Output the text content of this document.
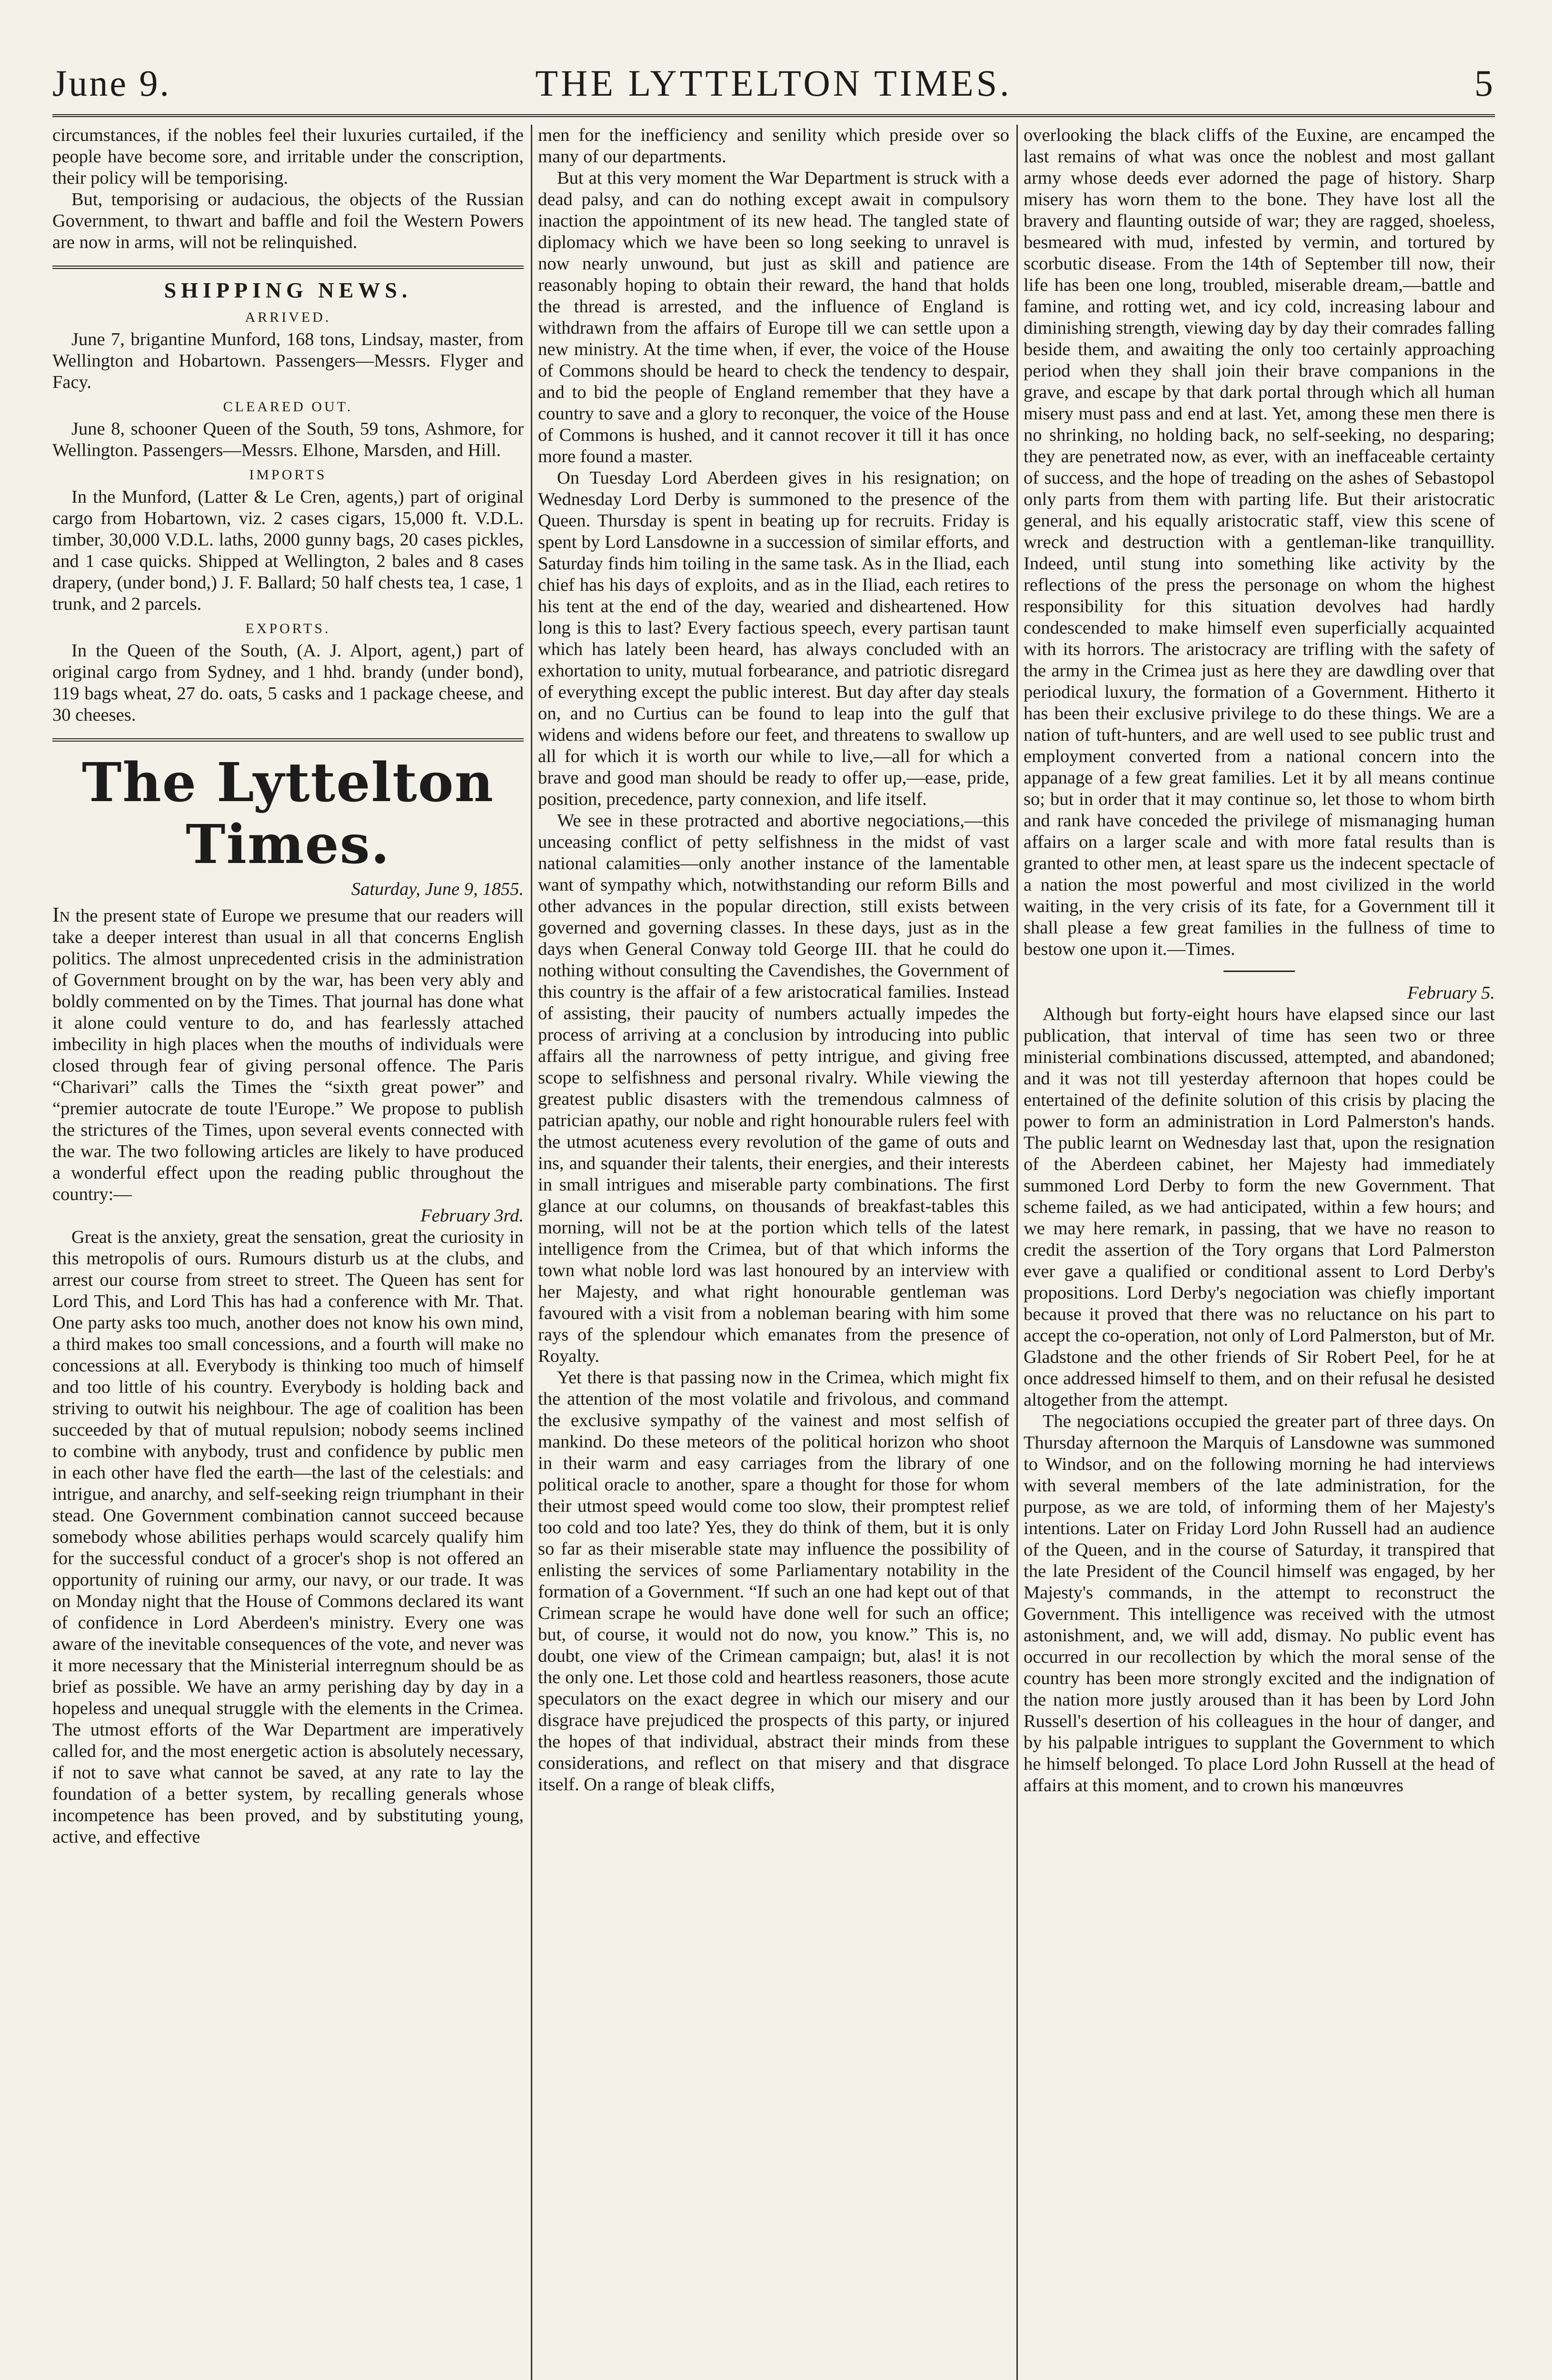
June 9.	THE LYTTELTON TIMES.	5

circumstances, if the nobles feel their luxuries curtailed, if the people have become sore, and irritable under the conscription, their policy will be temporising.

But, temporising or audacious, the objects of the Russian Government, to thwart and baffle and foil the Western Powers are now in arms, will not be relinquished.

SHIPPING NEWS.
ARRIVED.

June 7, brigantine Munford, 168 tons, Lindsay, master, from Wellington and Hobartown. Passengers—Messrs. Flyger and Facy.

CLEARED OUT.

June 8, schooner Queen of the South, 59 tons, Ashmore, for Wellington. Passengers—Messrs. Elhone, Marsden, and Hill.

IMPORTS

In the Munford, (Latter & Le Cren, agents,) part of original cargo from Hobartown, viz. 2 cases cigars, 15,000 ft. V.D.L. timber, 30,000 V.D.L. laths, 2000 gunny bags, 20 cases pickles, and 1 case quicks. Shipped at Wellington, 2 bales and 8 cases drapery, (under bond,) J. F. Ballard; 50 half chests tea, 1 case, 1 trunk, and 2 parcels.

EXPORTS.

In the Queen of the South, (A. J. Alport, agent,) part of original cargo from Sydney, and 1 hhd. brandy (under bond), 119 bags wheat, 27 do. oats, 5 casks and 1 package cheese, and 30 cheeses.

The Lyttelton Times.
Saturday, June 9, 1855.

In the present state of Europe we presume that our readers will take a deeper interest than usual in all that concerns English politics. The almost unprecedented crisis in the administration of Government brought on by the war, has been very ably and boldly commented on by the Times. That journal has done what it alone could venture to do, and has fearlessly attached imbecility in high places when the mouths of individuals were closed through fear of giving personal offence. The Paris “Charivari” calls the Times the “sixth great power” and “premier autocrate de toute l'Europe.” We propose to publish the strictures of the Times, upon several events connected with the war. The two following articles are likely to have produced a wonderful effect upon the reading public throughout the country:—

February 3rd.

Great is the anxiety, great the sensation, great the curiosity in this metropolis of ours. Rumours disturb us at the clubs, and arrest our course from street to street. The Queen has sent for Lord This, and Lord This has had a conference with Mr. That. One party asks too much, another does not know his own mind, a third makes too small concessions, and a fourth will make no concessions at all. Everybody is thinking too much of himself and too little of his country. Everybody is holding back and striving to outwit his neighbour. The age of coalition has been succeeded by that of mutual repulsion; nobody seems inclined to combine with anybody, trust and confidence by public men in each other have fled the earth—the last of the celestials: and intrigue, and anarchy, and self-seeking reign triumphant in their stead. One Government combination cannot succeed because somebody whose abilities perhaps would scarcely qualify him for the successful conduct of a grocer's shop is not offered an opportunity of ruining our army, our navy, or our trade. It was on Monday night that the House of Commons declared its want of confidence in Lord Aberdeen's ministry. Every one was aware of the inevitable consequences of the vote, and never was it more necessary that the Ministerial interregnum should be as brief as possible. We have an army perishing day by day in a hopeless and unequal struggle with the elements in the Crimea. The utmost efforts of the War Department are imperatively called for, and the most energetic action is absolutely necessary, if not to save what cannot be saved, at any rate to lay the foundation of a better system, by recalling generals whose incompetence has been proved, and by substituting young, active, and effective

men for the inefficiency and senility which preside over so many of our departments.

But at this very moment the War Department is struck with a dead palsy, and can do nothing except await in compulsory inaction the appointment of its new head. The tangled state of diplomacy which we have been so long seeking to unravel is now nearly unwound, but just as skill and patience are reasonably hoping to obtain their reward, the hand that holds the thread is arrested, and the influence of England is withdrawn from the affairs of Europe till we can settle upon a new ministry. At the time when, if ever, the voice of the House of Commons should be heard to check the tendency to despair, and to bid the people of England remember that they have a country to save and a glory to reconquer, the voice of the House of Commons is hushed, and it cannot recover it till it has once more found a master.

On Tuesday Lord Aberdeen gives in his resignation; on Wednesday Lord Derby is summoned to the presence of the Queen. Thursday is spent in beating up for recruits. Friday is spent by Lord Lansdowne in a succession of similar efforts, and Saturday finds him toiling in the same task. As in the Iliad, each chief has his days of exploits, and as in the Iliad, each retires to his tent at the end of the day, wearied and disheartened. How long is this to last? Every factious speech, every partisan taunt which has lately been heard, has always concluded with an exhortation to unity, mutual forbearance, and patriotic disregard of everything except the public interest. But day after day steals on, and no Curtius can be found to leap into the gulf that widens and widens before our feet, and threatens to swallow up all for which it is worth our while to live,—all for which a brave and good man should be ready to offer up,—ease, pride, position, precedence, party connexion, and life itself.

We see in these protracted and abortive negociations,—this unceasing conflict of petty selfishness in the midst of vast national calamities—only another instance of the lamentable want of sympathy which, notwithstanding our reform Bills and other advances in the popular direction, still exists between governed and governing classes. In these days, just as in the days when General Conway told George III. that he could do nothing without consulting the Cavendishes, the Government of this country is the affair of a few aristocratical families. Instead of assisting, their paucity of numbers actually impedes the process of arriving at a conclusion by introducing into public affairs all the narrowness of petty intrigue, and giving free scope to selfishness and personal rivalry. While viewing the greatest public disasters with the tremendous calmness of patrician apathy, our noble and right honourable rulers feel with the utmost acuteness every revolution of the game of outs and ins, and squander their talents, their energies, and their interests in small intrigues and miserable party combinations. The first glance at our columns, on thousands of breakfast-tables this morning, will not be at the portion which tells of the latest intelligence from the Crimea, but of that which informs the town what noble lord was last honoured by an interview with her Majesty, and what right honourable gentleman was favoured with a visit from a nobleman bearing with him some rays of the splendour which emanates from the presence of Royalty.

Yet there is that passing now in the Crimea, which might fix the attention of the most volatile and frivolous, and command the exclusive sympathy of the vainest and most selfish of mankind. Do these meteors of the political horizon who shoot in their warm and easy carriages from the library of one political oracle to another, spare a thought for those for whom their utmost speed would come too slow, their promptest relief too cold and too late? Yes, they do think of them, but it is only so far as their miserable state may influence the possibility of enlisting the services of some Parliamentary notability in the formation of a Government. “If such an one had kept out of that Crimean scrape he would have done well for such an office; but, of course, it would not do now, you know.” This is, no doubt, one view of the Crimean campaign; but, alas! it is not the only one. Let those cold and heartless reasoners, those acute speculators on the exact degree in which our misery and our disgrace have prejudiced the prospects of this party, or injured the hopes of that individual, abstract their minds from these considerations, and reflect on that misery and that disgrace itself. On a range of bleak cliffs,

overlooking the black cliffs of the Euxine, are encamped the last remains of what was once the noblest and most gallant army whose deeds ever adorned the page of history. Sharp misery has worn them to the bone. They have lost all the bravery and flaunting outside of war; they are ragged, shoeless, besmeared with mud, infested by vermin, and tortured by scorbutic disease. From the 14th of September till now, their life has been one long, troubled, miserable dream,—battle and famine, and rotting wet, and icy cold, increasing labour and diminishing strength, viewing day by day their comrades falling beside them, and awaiting the only too certainly approaching period when they shall join their brave companions in the grave, and escape by that dark portal through which all human misery must pass and end at last. Yet, among these men there is no shrinking, no holding back, no self-seeking, no desparing; they are penetrated now, as ever, with an ineffaceable certainty of success, and the hope of treading on the ashes of Sebastopol only parts from them with parting life. But their aristocratic general, and his equally aristocratic staff, view this scene of wreck and destruction with a gentleman-like tranquillity. Indeed, until stung into something like activity by the reflections of the press the personage on whom the highest responsibility for this situation devolves had hardly condescended to make himself even superficially acquainted with its horrors. The aristocracy are trifling with the safety of the army in the Crimea just as here they are dawdling over that periodical luxury, the formation of a Government. Hitherto it has been their exclusive privilege to do these things. We are a nation of tuft-hunters, and are well used to see public trust and employment converted from a national concern into the appanage of a few great families. Let it by all means continue so; but in order that it may continue so, let those to whom birth and rank have conceded the privilege of mismanaging human affairs on a larger scale and with more fatal results than is granted to other men, at least spare us the indecent spectacle of a nation the most powerful and most civilized in the world waiting, in the very crisis of its fate, for a Government till it shall please a few great families in the fullness of time to bestow one upon it.—Times.

February 5.

Although but forty-eight hours have elapsed since our last publication, that interval of time has seen two or three ministerial combinations discussed, attempted, and abandoned; and it was not till yesterday afternoon that hopes could be entertained of the definite solution of this crisis by placing the power to form an administration in Lord Palmerston's hands. The public learnt on Wednesday last that, upon the resignation of the Aberdeen cabinet, her Majesty had immediately summoned Lord Derby to form the new Government. That scheme failed, as we had anticipated, within a few hours; and we may here remark, in passing, that we have no reason to credit the assertion of the Tory organs that Lord Palmerston ever gave a qualified or conditional assent to Lord Derby's propositions. Lord Derby's negociation was chiefly important because it proved that there was no reluctance on his part to accept the co-operation, not only of Lord Palmerston, but of Mr. Gladstone and the other friends of Sir Robert Peel, for he at once addressed himself to them, and on their refusal he desisted altogether from the attempt.

The negociations occupied the greater part of three days. On Thursday afternoon the Marquis of Lansdowne was summoned to Windsor, and on the following morning he had interviews with several members of the late administration, for the purpose, as we are told, of informing them of her Majesty's intentions. Later on Friday Lord John Russell had an audience of the Queen, and in the course of Saturday, it transpired that the late President of the Council himself was engaged, by her Majesty's commands, in the attempt to reconstruct the Government. This intelligence was received with the utmost astonishment, and, we will add, dismay. No public event has occurred in our recollection by which the moral sense of the country has been more strongly excited and the indignation of the nation more justly aroused than it has been by Lord John Russell's desertion of his colleagues in the hour of danger, and by his palpable intrigues to supplant the Government to which he himself belonged. To place Lord John Russell at the head of affairs at this moment, and to crown his manœuvres
